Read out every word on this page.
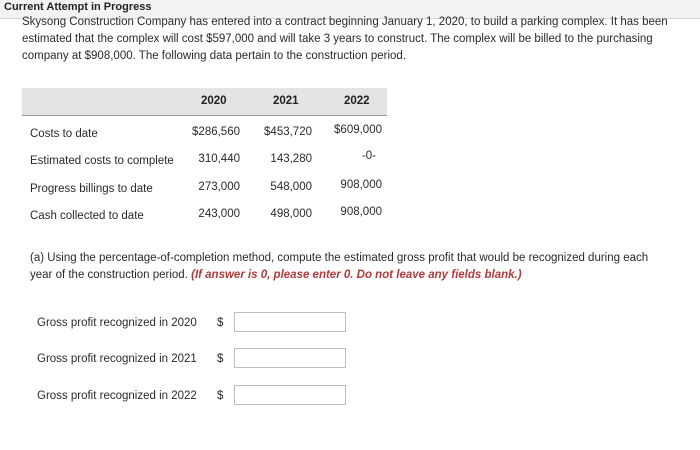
Current Attempt in Progress
Skysong Construction Company has entered into a contract beginning January 1, 2020, to build a parking complex. It has been estimated that the complex will cost $597,000 and will take 3 years to construct. The complex will be billed to the purchasing company at $908,000. The following data pertain to the construction period.
2020	2021	2022
Costs to date	$286,560	$453,720	$609,000
Estimated costs to complete	310,440	143,280	-0-
Progress billings to date	273,000	548,000	908,000
Cash collected to date	243,000	498,000	908,000
(a) Using the percentage-of-completion method, compute the estimated gross profit that would be recognized during each year of the construction period. (If answer is 0, please enter 0. Do not leave any fields blank.)
Gross profit recognized in 2020 $
Gross profit recognized in 2021 $
Gross profit recognized in 2022 $
